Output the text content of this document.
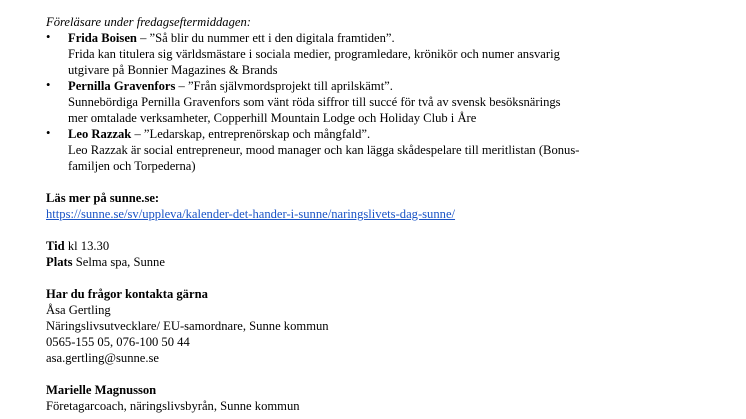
Föreläsare under fredagseftermiddagen:
• Frida Boisen – ”Så blir du nummer ett i den digitala framtiden”.
Frida kan titulera sig världsmästare i sociala medier, programledare, krönikör och numer ansvarig
utgivare på Bonnier Magazines & Brands
• Pernilla Gravenfors – ”Från självmordsprojekt till aprilskämt”.
Sunnebördiga Pernilla Gravenfors som vänt röda siffror till succé för två av svensk besöksnärings
mer omtalade verksamheter, Copperhill Mountain Lodge och Holiday Club i Åre
• Leo Razzak – ”Ledarskap, entreprenörskap och mångfald”.
Leo Razzak är social entrepreneur, mood manager och kan lägga skådespelare till meritlistan (Bonus-
familjen och Torpederna)
Läs mer på sunne.se:
https://sunne.se/sv/uppleva/kalender-det-hander-i-sunne/naringslivets-dag-sunne/
Tid kl 13.30
Plats Selma spa, Sunne
Har du frågor kontakta gärna
Åsa Gertling
Näringslivsutvecklare/ EU-samordnare, Sunne kommun
0565-155 05, 076-100 50 44
asa.gertling@sunne.se
Marielle Magnusson
Företagarcoach, näringslivsbyrån, Sunne kommun
